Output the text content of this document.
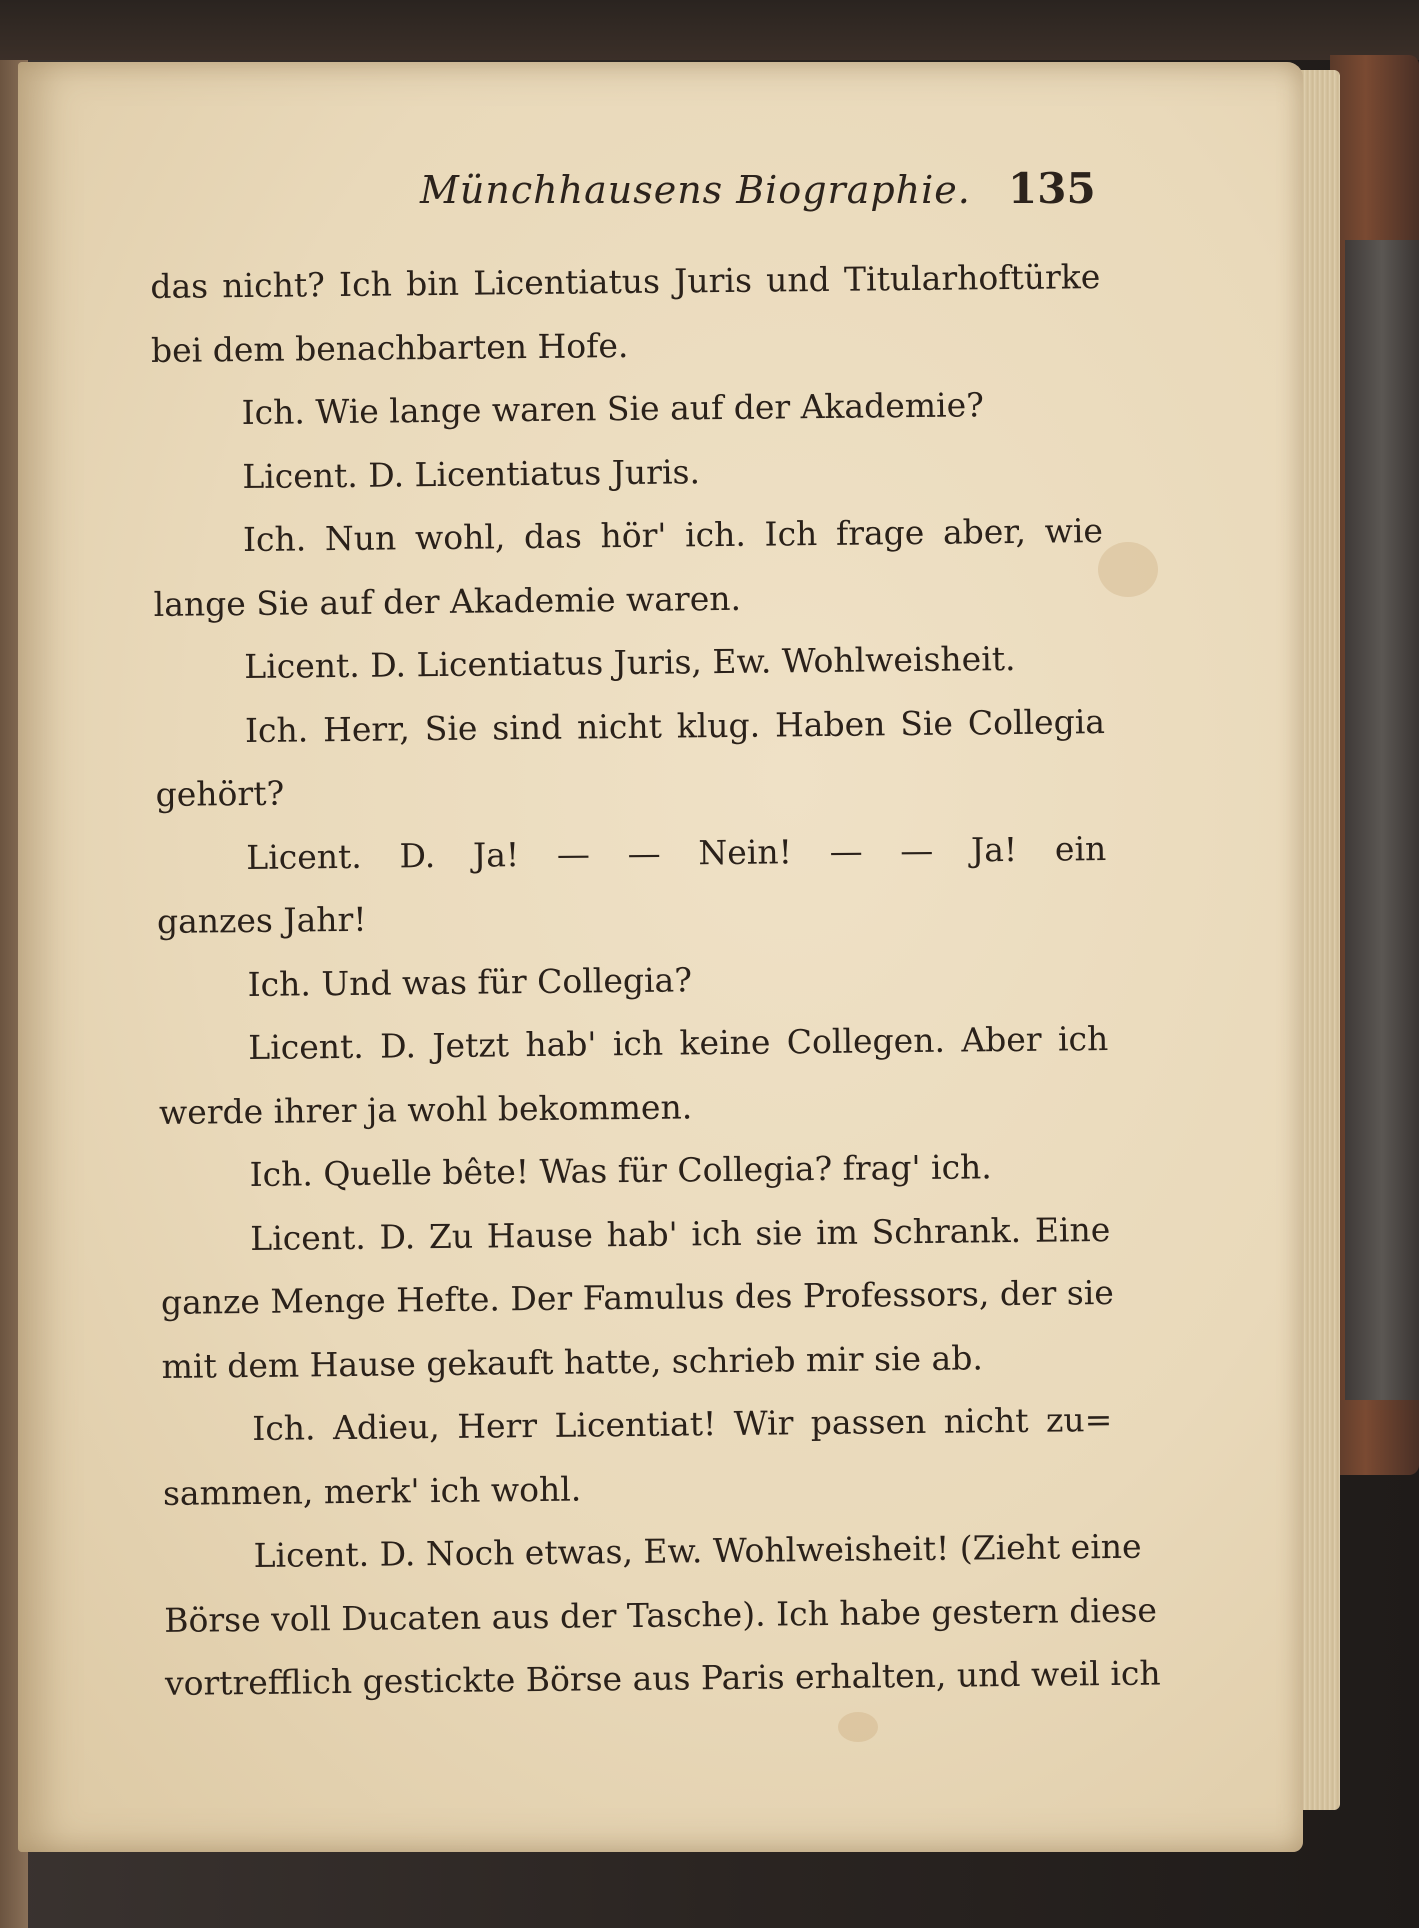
Münchhausens Biographie. 135
das nicht? Ich bin Licentiatus Juris und Titularhoftürke
bei dem benachbarten Hofe.
Ich. Wie lange waren Sie auf der Akademie?
Licent. D. Licentiatus Juris.
Ich. Nun wohl, das hör' ich. Ich frage aber, wie
lange Sie auf der Akademie waren.
Licent. D. Licentiatus Juris, Ew. Wohlweisheit.
Ich. Herr, Sie sind nicht klug. Haben Sie Collegia
gehört?
Licent. D. Ja! — — Nein! — — Ja! ein
ganzes Jahr!
Ich. Und was für Collegia?
Licent. D. Jetzt hab' ich keine Collegen. Aber ich
werde ihrer ja wohl bekommen.
Ich. Quelle bête! Was für Collegia? frag' ich.
Licent. D. Zu Hause hab' ich sie im Schrank. Eine
ganze Menge Hefte. Der Famulus des Professors, der sie
mit dem Hause gekauft hatte, schrieb mir sie ab.
Ich. Adieu, Herr Licentiat! Wir passen nicht zu=
sammen, merk' ich wohl.
Licent. D. Noch etwas, Ew. Wohlweisheit! (Zieht eine
Börse voll Ducaten aus der Tasche). Ich habe gestern diese
vortrefflich gestickte Börse aus Paris erhalten, und weil ich
